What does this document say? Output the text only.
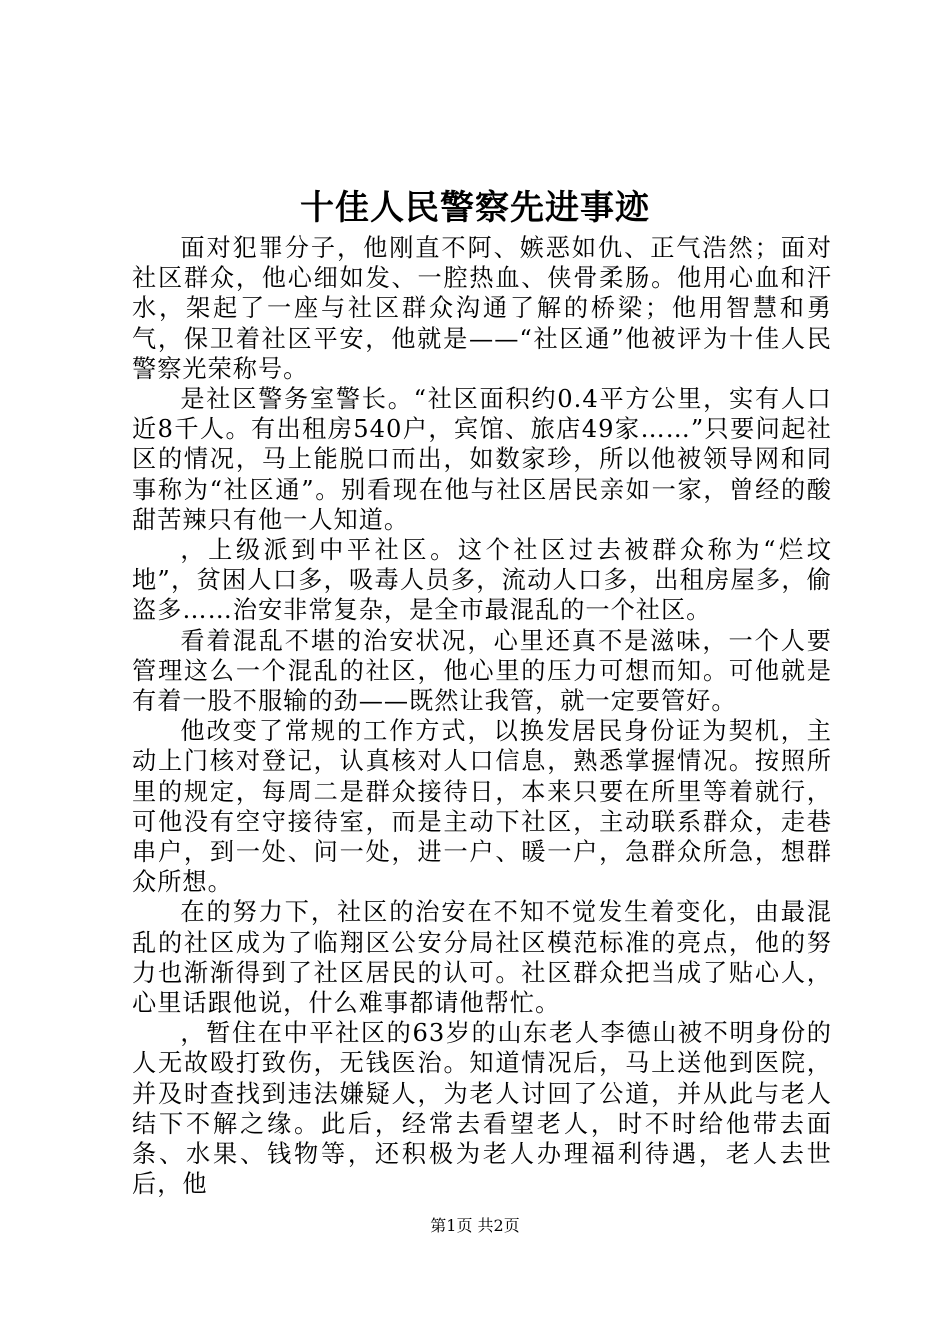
十佳人民警察先进事迹

面对犯罪分子，他刚直不阿、嫉恶如仇、正气浩然；面对社区群众，他心细如发、一腔热血、侠骨柔肠。他用心血和汗水，架起了一座与社区群众沟通了解的桥梁；他用智慧和勇气，保卫着社区平安，他就是——“社区通”他被评为十佳人民警察光荣称号。

是社区警务室警长。“社区面积约0.4平方公里，实有人口近8千人。有出租房540户，宾馆、旅店49家……”只要问起社区的情况，马上能脱口而出，如数家珍，所以他被领导网和同事称为“社区通”。别看现在他与社区居民亲如一家，曾经的酸甜苦辣只有他一人知道。

，上级派到中平社区。这个社区过去被群众称为“烂坟地”，贫困人口多，吸毒人员多，流动人口多，出租房屋多，偷盗多……治安非常复杂，是全市最混乱的一个社区。

看着混乱不堪的治安状况，心里还真不是滋味，一个人要管理这么一个混乱的社区，他心里的压力可想而知。可他就是有着一股不服输的劲——既然让我管，就一定要管好。

他改变了常规的工作方式，以换发居民身份证为契机，主动上门核对登记，认真核对人口信息，熟悉掌握情况。按照所里的规定，每周二是群众接待日，本来只要在所里等着就行，可他没有空守接待室，而是主动下社区，主动联系群众，走巷串户，到一处、问一处，进一户、暖一户，急群众所急，想群众所想。

在的努力下，社区的治安在不知不觉发生着变化，由最混乱的社区成为了临翔区公安分局社区模范标准的亮点，他的努力也渐渐得到了社区居民的认可。社区群众把当成了贴心人，心里话跟他说，什么难事都请他帮忙。

，暂住在中平社区的63岁的山东老人李德山被不明身份的人无故殴打致伤，无钱医治。知道情况后，马上送他到医院，并及时查找到违法嫌疑人，为老人讨回了公道，并从此与老人结下不解之缘。此后，经常去看望老人，时不时给他带去面条、水果、钱物等，还积极为老人办理福利待遇，老人去世后，他

第1页 共2页
